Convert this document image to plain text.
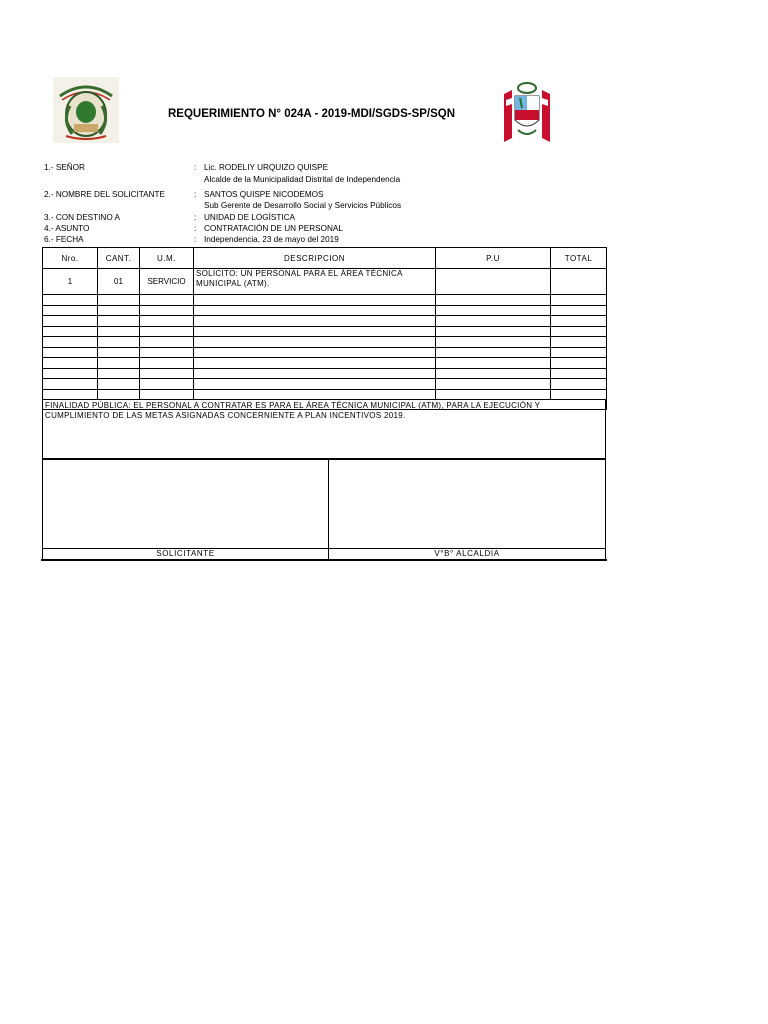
REQUERIMIENTO N° 024A - 2019-MDI/SGDS-SP/SQN
1.- SEÑOR	: Lic. RODELIY URQUIZO QUISPE
Alcalde de la Municipalidad Distrital de Independencia
2.- NOMBRE DEL SOLICITANTE	: SANTOS QUISPE NICODEMOS
Sub Gerente de Desarrollo Social y Servicios Públicos
3.- CON DESTINO A	: UNIDAD DE LOGÍSTICA
4.- ASUNTO	: CONTRATACIÓN DE UN PERSONAL
6.- FECHA	: Independencia, 23 de mayo del 2019
Nro.	CANT.	U.M.	DESCRIPCION	P.U	TOTAL
1	01	SERVICIO	SOLICITO: UN PERSONAL PARA EL ÁREA TÉCNICA MUNICIPAL (ATM).		

FINALIDAD PÚBLICA: EL PERSONAL A CONTRATAR ES PARA EL ÁREA TÉCNICA MUNICIPAL (ATM), PARA LA EJECUCIÓN Y CUMPLIMIENTO DE LAS METAS ASIGNADAS CONCERNIENTE A PLAN INCENTIVOS 2019.
SOLICITANTE	V°B° ALCALDIA
